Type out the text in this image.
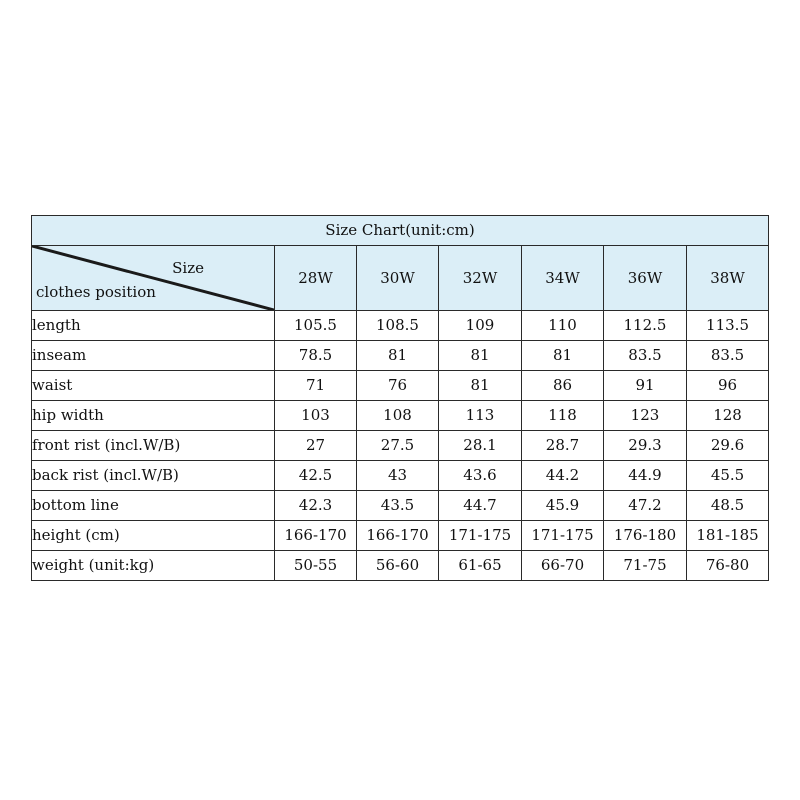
Size Chart(unit:cm)						

Size
clothes position	28W	30W	32W	34W	36W	38W
length	105.5	108.5	109	110	112.5	113.5
inseam	78.5	81	81	81	83.5	83.5
waist	71	76	81	86	91	96
hip width	103	108	113	118	123	128
front rist (incl.W/B)	27	27.5	28.1	28.7	29.3	29.6
back rist (incl.W/B)	42.5	43	43.6	44.2	44.9	45.5
bottom line	42.3	43.5	44.7	45.9	47.2	48.5
height (cm)	166-170	166-170	171-175	171-175	176-180	181-185
weight (unit:kg)	50-55	56-60	61-65	66-70	71-75	76-80
